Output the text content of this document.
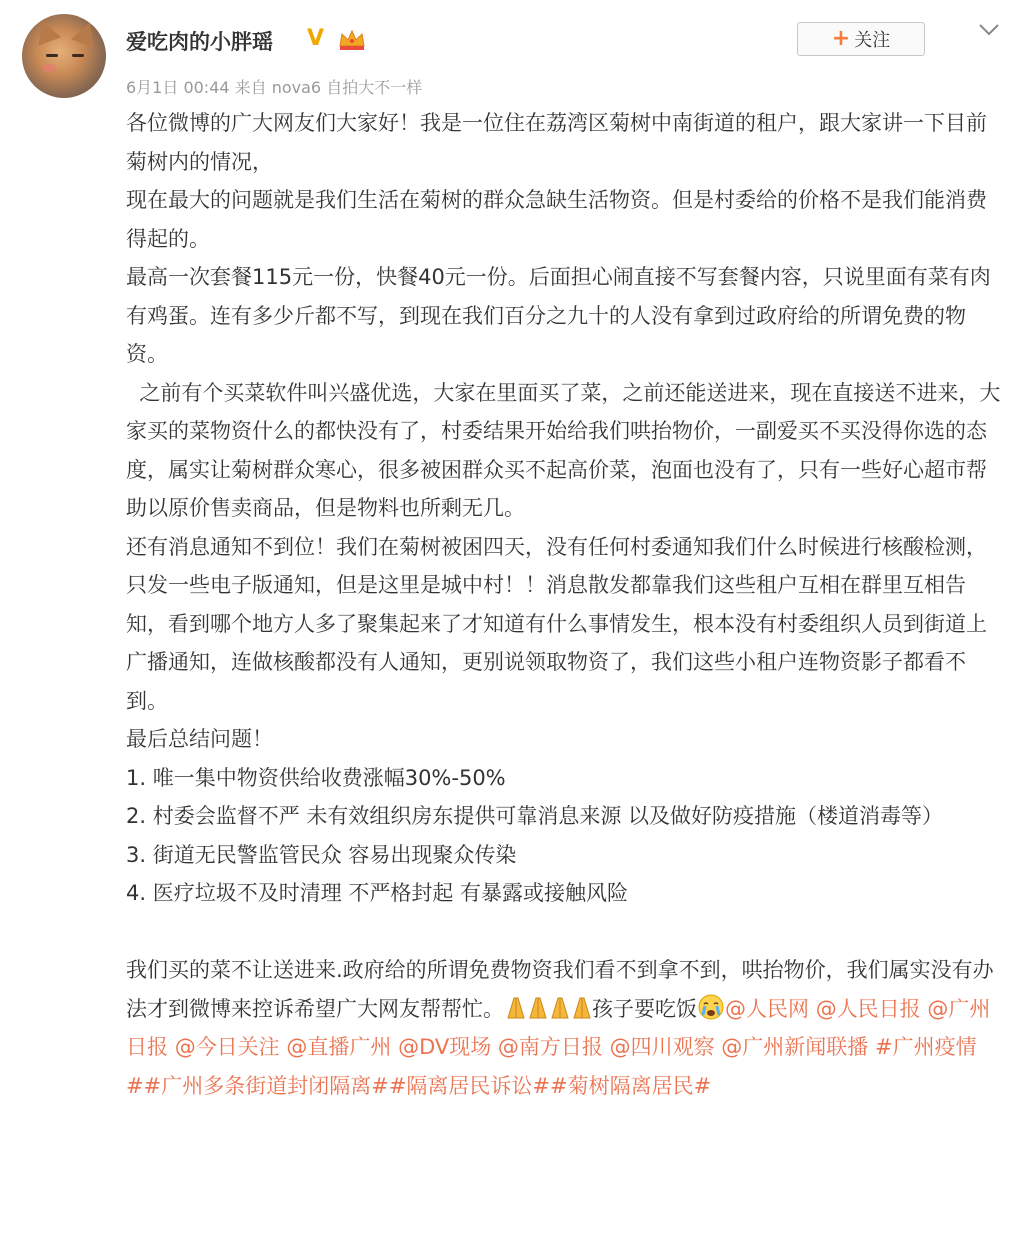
爱吃肉的小胖瑶 V	+ 关注
6月1日 00:44 来自 nova6 自拍大不一样

各位微博的广大网友们大家好！我是一位住在荔湾区菊树中南街道的租户，跟大家讲一下目前菊树内的情况，

现在最大的问题就是我们生活在菊树的群众急缺生活物资。但是村委给的价格不是我们能消费得起的。

最高一次套餐115元一份，快餐40元一份。后面担心闹直接不写套餐内容，只说里面有菜有肉有鸡蛋。连有多少斤都不写，到现在我们百分之九十的人没有拿到过政府给的所谓免费的物资。

之前有个买菜软件叫兴盛优选，大家在里面买了菜，之前还能送进来，现在直接送不进来，大家买的菜物资什么的都快没有了，村委结果开始给我们哄抬物价，一副爱买不买没得你选的态度，属实让菊树群众寒心，很多被困群众买不起高价菜，泡面也没有了，只有一些好心超市帮助以原价售卖商品，但是物料也所剩无几。

还有消息通知不到位！我们在菊树被困四天，没有任何村委通知我们什么时候进行核酸检测，只发一些电子版通知，但是这里是城中村！！消息散发都靠我们这些租户互相在群里互相告知，看到哪个地方人多了聚集起来了才知道有什么事情发生，根本没有村委组织人员到街道上广播通知，连做核酸都没有人通知，更别说领取物资了，我们这些小租户连物资影子都看不到。

最后总结问题！

1. 唯一集中物资供给收费涨幅30%-50%

2. 村委会监督不严 未有效组织房东提供可靠消息来源 以及做好防疫措施（楼道消毒等）

3. 街道无民警监管民众 容易出现聚众传染

4. 医疗垃圾不及时清理 不严格封起 有暴露或接触风险

我们买的菜不让送进来.政府给的所谓免费物资我们看不到拿不到，哄抬物价，我们属实没有办法才到微博来控诉希望广大网友帮帮忙。	孩子要吃饭 @人民网 @人民日报 @广州日报 @今日关注 @直播广州 @DV现场 @南方日报 @四川观察 @广州新闻联播 #广州疫情##广州多条街道封闭隔离##隔离居民诉讼##菊树隔离居民#
